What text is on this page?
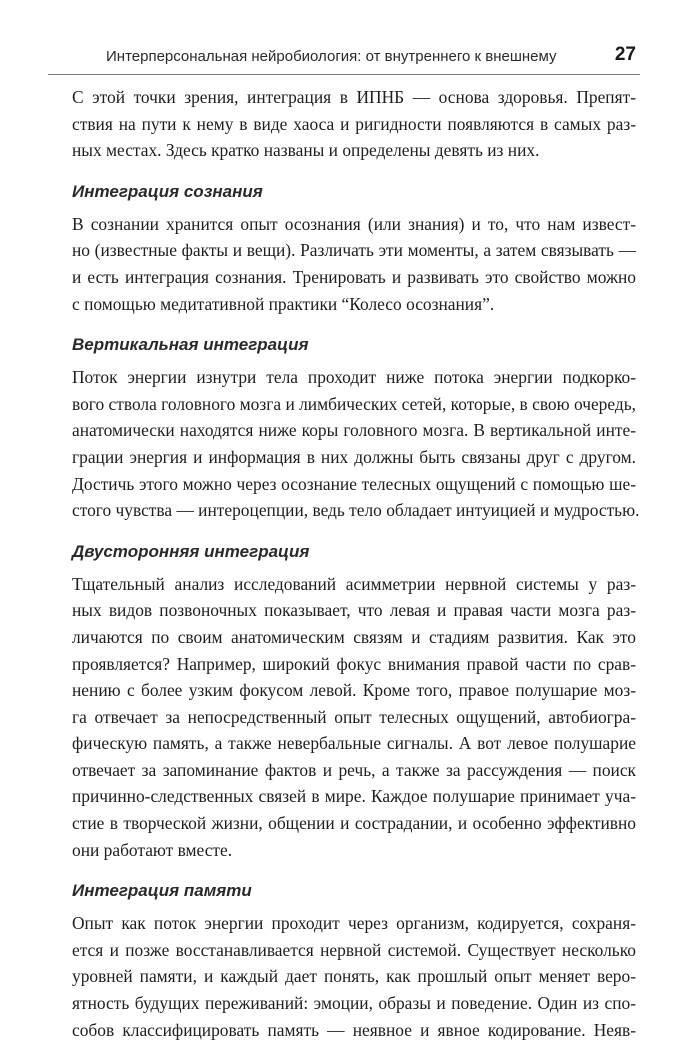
Интерперсональная нейробиология: от внутреннего к внешнему	27

С этой точки зрения, интеграция в ИПНБ — основа здоровья. Препят-
ствия на пути к нему в виде хаоса и ригидности появляются в самых раз-
ных местах. Здесь кратко названы и определены девять из них.

Интеграция сознания

В сознании хранится опыт осознания (или знания) и то, что нам извест-
но (известные факты и вещи). Различать эти моменты, а затем связывать —
и есть интеграция сознания. Тренировать и развивать это свойство можно
с помощью медитативной практики “Колесо осознания”.

Вертикальная интеграция

Поток энергии изнутри тела проходит ниже потока энергии подкорко-
вого ствола головного мозга и лимбических сетей, которые, в свою очередь,
анатомически находятся ниже коры головного мозга. В вертикальной инте-
грации энергия и информация в них должны быть связаны друг с другом.
Достичь этого можно через осознание телесных ощущений с помощью ше-
стого чувства — интероцепции, ведь тело обладает интуицией и мудростью.

Двусторонняя интеграция

Тщательный анализ исследований асимметрии нервной системы у раз-
ных видов позвоночных показывает, что левая и правая части мозга раз-
личаются по своим анатомическим связям и стадиям развития. Как это
проявляется? Например, широкий фокус внимания правой части по срав-
нению с более узким фокусом левой. Кроме того, правое полушарие моз-
га отвечает за непосредственный опыт телесных ощущений, автобиогра-
фическую память, а также невербальные сигналы. А вот левое полушарие
отвечает за запоминание фактов и речь, а также за рассуждения — поиск
причинно-следственных связей в мире. Каждое полушарие принимает уча-
стие в творческой жизни, общении и сострадании, и особенно эффективно
они работают вместе.

Интеграция памяти

Опыт как поток энергии проходит через организм, кодируется, сохраня-
ется и позже восстанавливается нервной системой. Существует несколько
уровней памяти, и каждый дает понять, как прошлый опыт меняет веро-
ятность будущих переживаний: эмоции, образы и поведение. Один из спо-
собов классифицировать память — неявное и явное кодирование. Неяв-
